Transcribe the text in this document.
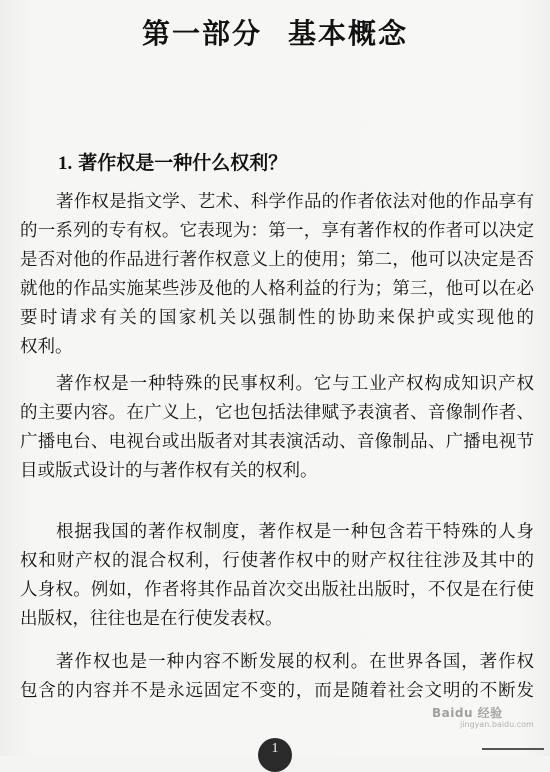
第一部分 基本概念
1. 著作权是一种什么权利？
著作权是指文学、艺术、科学作品的作者依法对他的作品享有
的一系列的专有权。它表现为：第一，享有著作权的作者可以决定
是否对他的作品进行著作权意义上的使用；第二，他可以决定是否
就他的作品实施某些涉及他的人格利益的行为；第三，他可以在必
要时请求有关的国家机关以强制性的协助来保护或实现他的
权利。
著作权是一种特殊的民事权利。它与工业产权构成知识产权
的主要内容。在广义上，它也包括法律赋予表演者、音像制作者、
广播电台、电视台或出版者对其表演活动、音像制品、广播电视节
目或版式设计的与著作权有关的权利。
根据我国的著作权制度，著作权是一种包含若干特殊的人身
权和财产权的混合权利，行使著作权中的财产权往往涉及其中的
人身权。例如，作者将其作品首次交出版社出版时，不仅是在行使
出版权，往往也是在行使发表权。
著作权也是一种内容不断发展的权利。在世界各国，著作权
包含的内容并不是永远固定不变的，而是随着社会文明的不断发
Baidu 经验
jingyan.baidu.com
1
